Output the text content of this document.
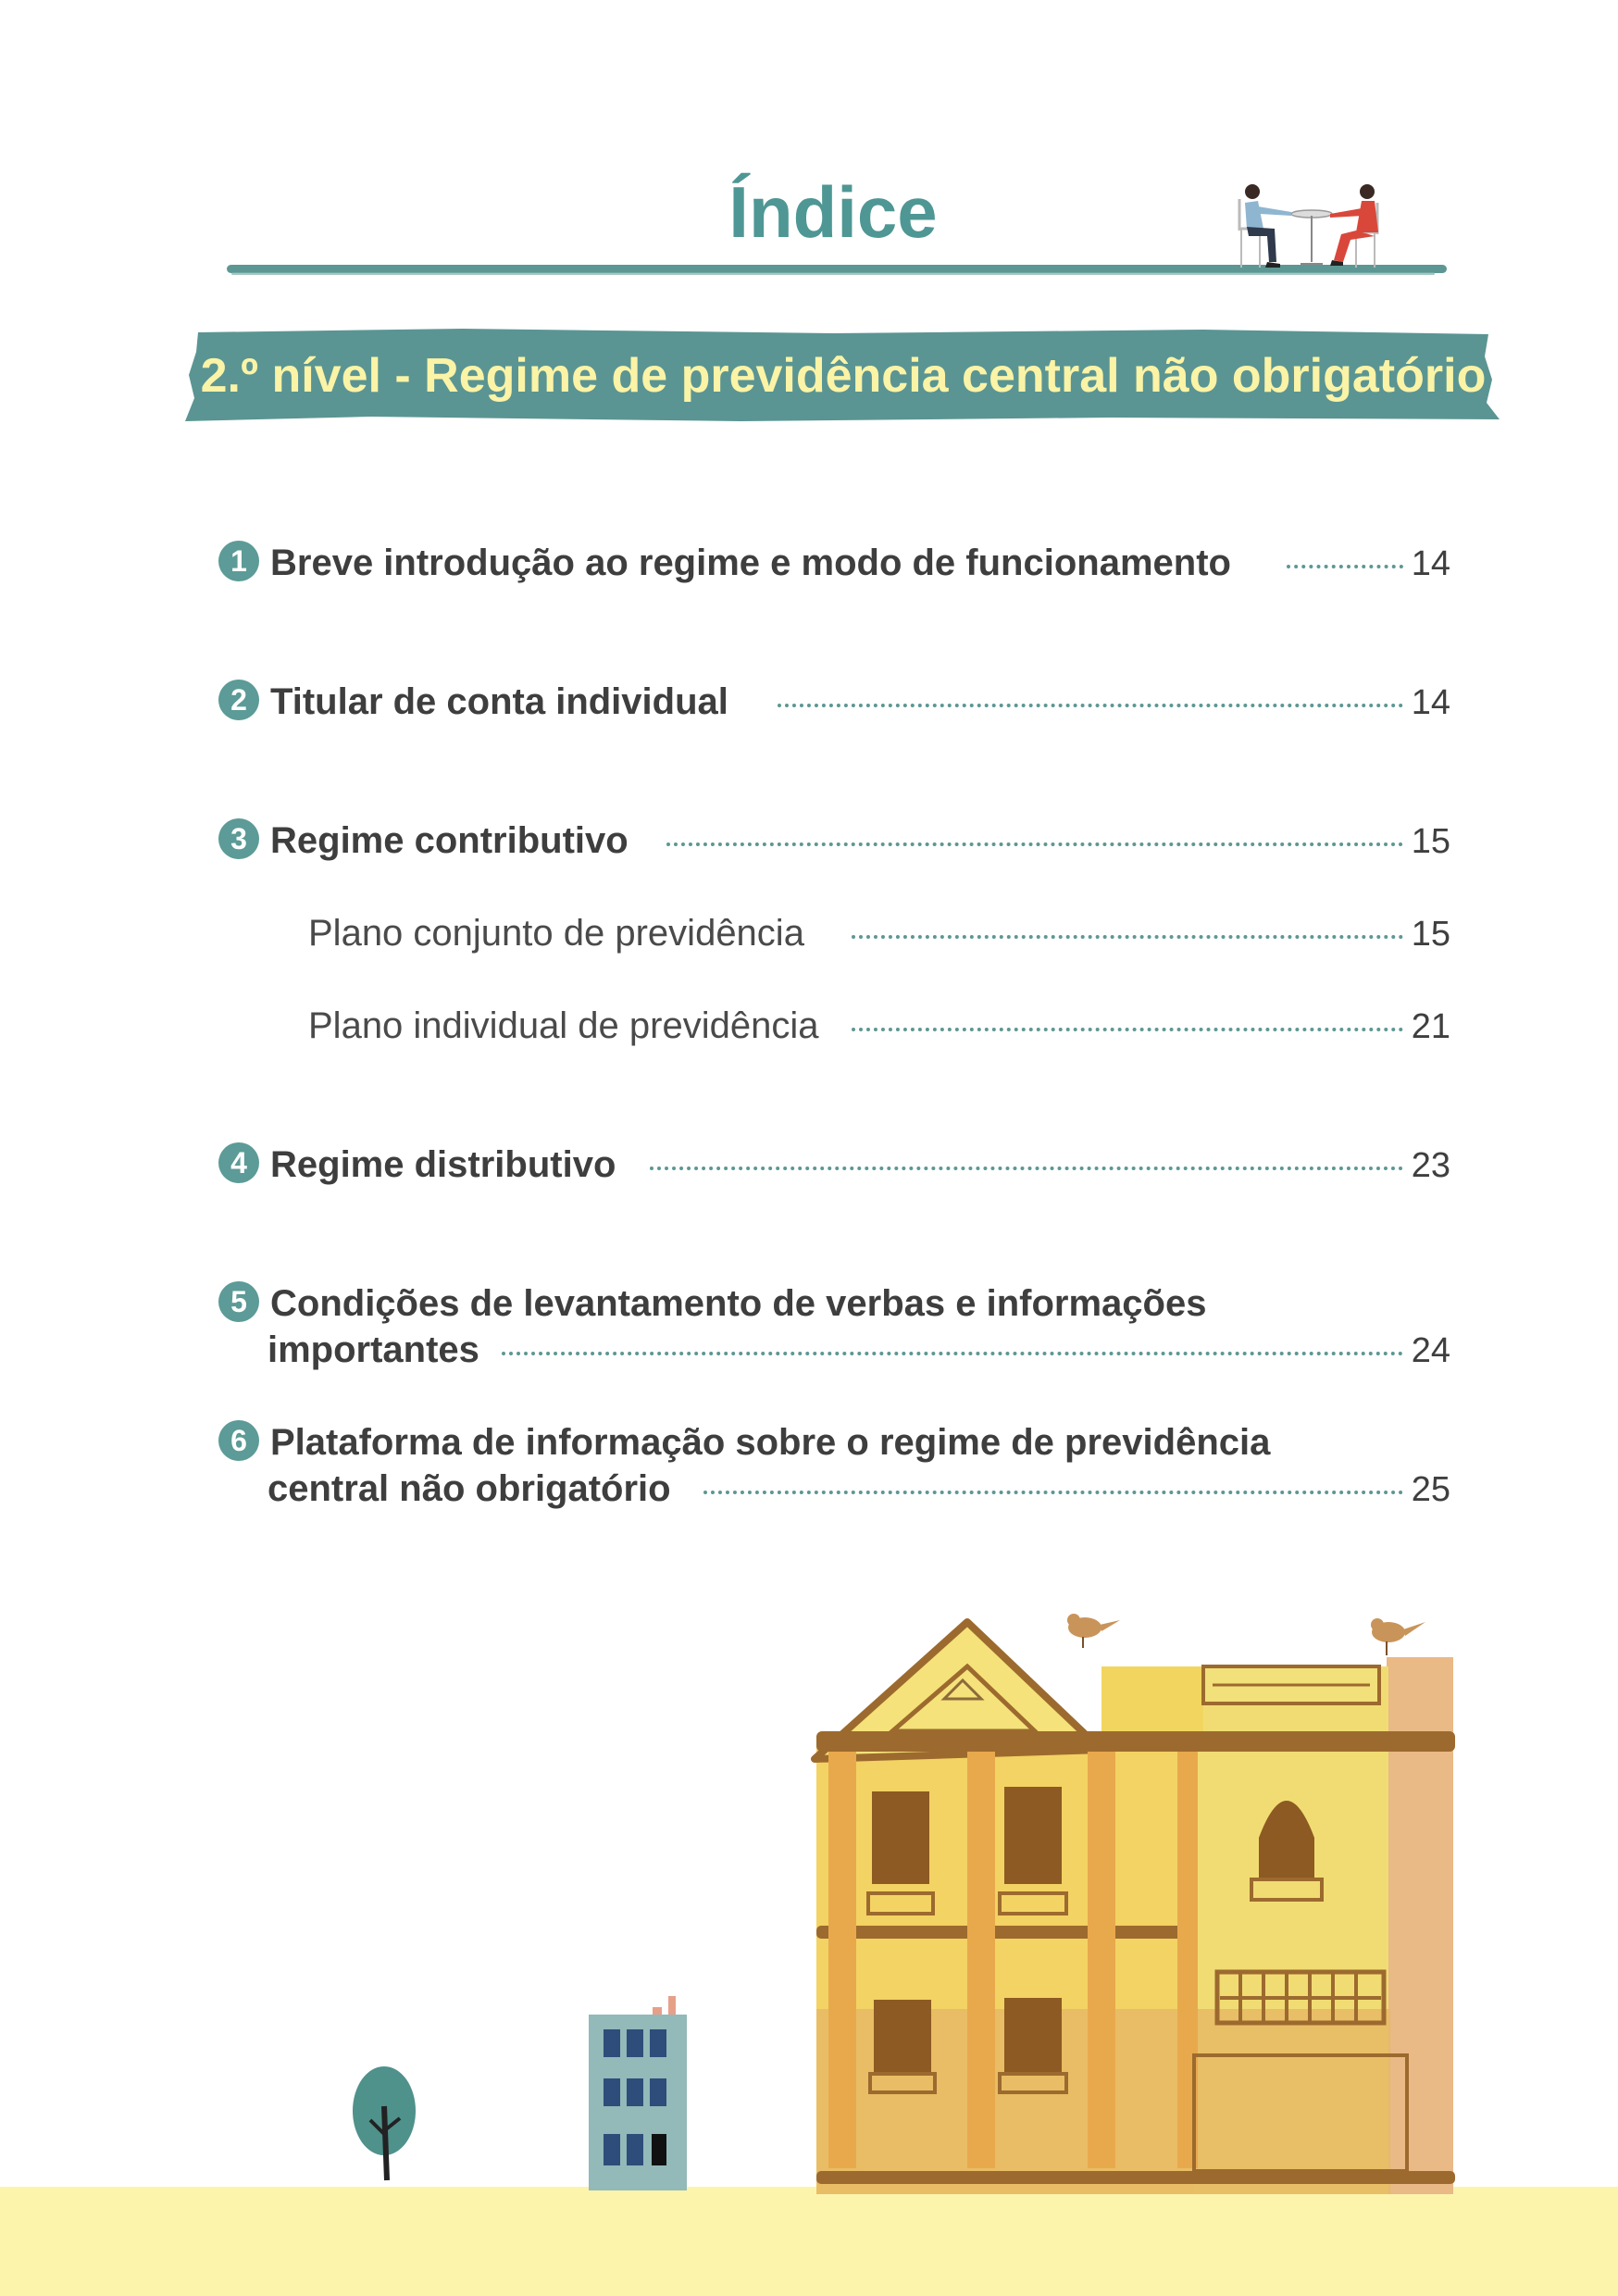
Índice
2.º nível - Regime de previdência central não obrigatório
1 Breve introdução ao regime e modo de funcionamento	14
2 Titular de conta individual	14
3 Regime contributivo	15
Plano conjunto de previdência	15
Plano individual de previdência	21
4 Regime distributivo	23
5 Condições de levantamento de verbas e informações
importantes	24
6 Plataforma de informação sobre o regime de previdência
central não obrigatório	25
